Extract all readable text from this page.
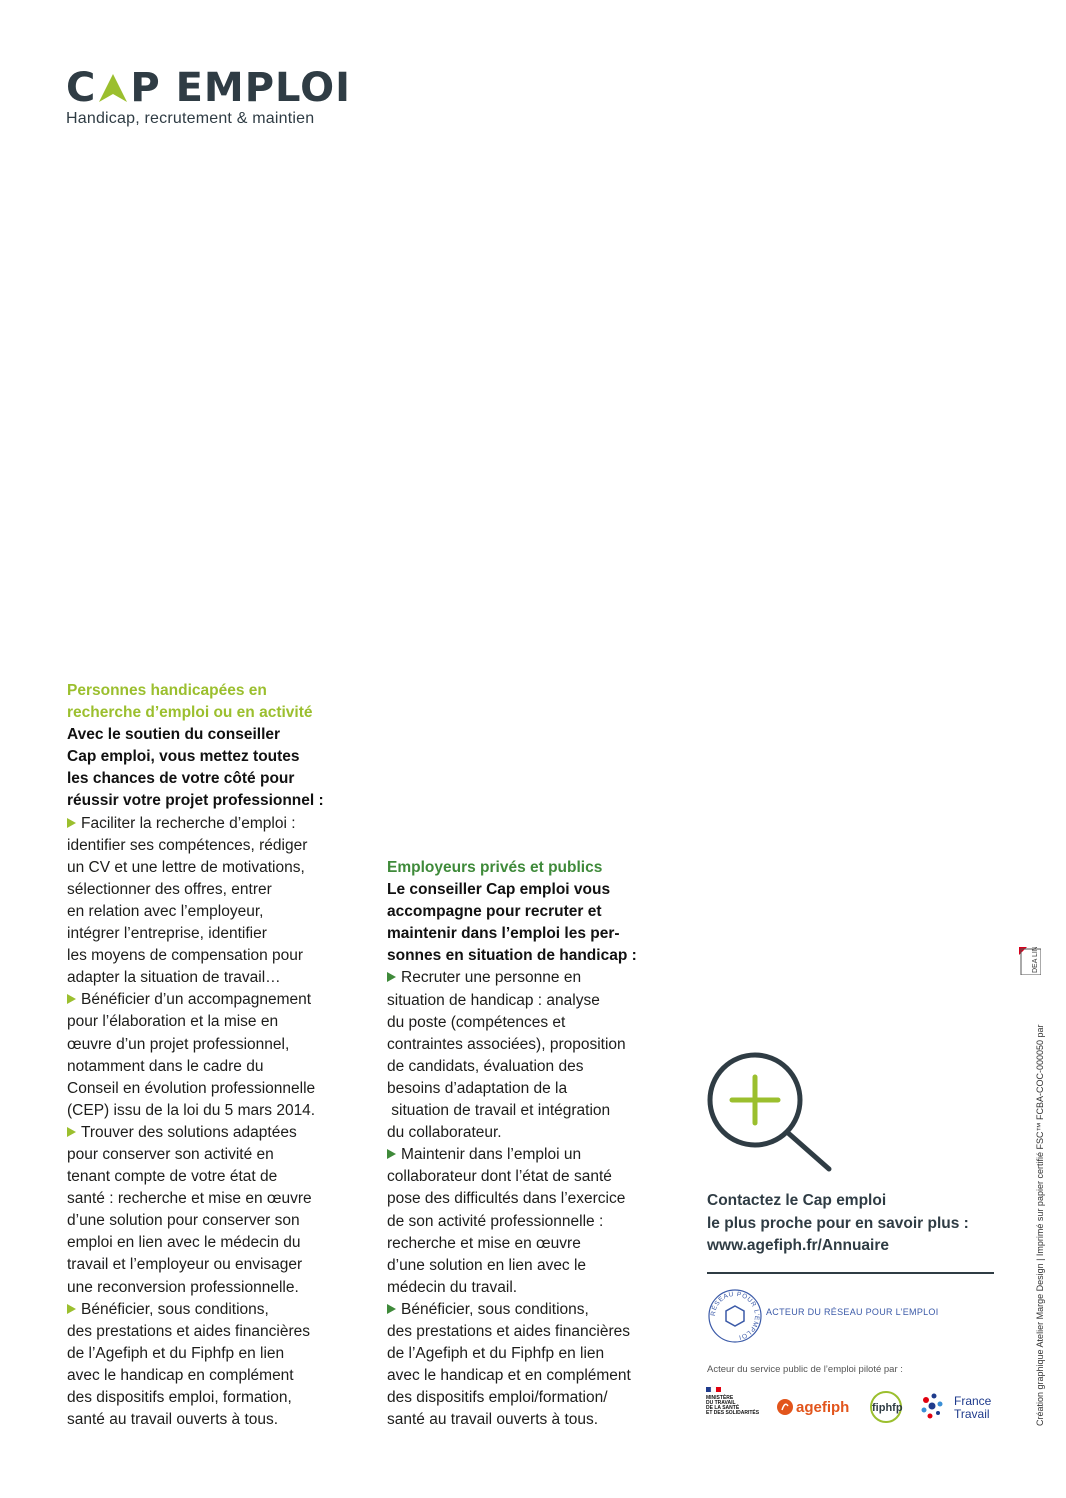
C P EMPLOI
Handicap, recrutement & maintien

Personnes handicapées en

recherche d’emploi ou en activité

Avec le soutien du conseiller

Cap emploi, vous mettez toutes

les chances de votre côté pour

réussir votre projet professionnel :

Faciliter la recherche d’emploi :

identifier ses compétences, rédiger

un CV et une lettre de motivations,

sélectionner des offres, entrer

en relation avec l’employeur,

intégrer l’entreprise, identifier

les moyens de compensation pour

adapter la situation de travail…

Bénéficier d’un accompagnement

pour l’élaboration et la mise en

œuvre d’un projet professionnel,

notamment dans le cadre du

Conseil en évolution professionnelle

(CEP) issu de la loi du 5 mars 2014.

Trouver des solutions adaptées

pour conserver son activité en

tenant compte de votre état de

santé : recherche et mise en œuvre

d’une solution pour conserver son

emploi en lien avec le médecin du

travail et l’employeur ou envisager

une reconversion professionnelle.

Bénéficier, sous conditions,

des prestations et aides financières

de l’Agefiph et du Fiphfp en lien

avec le handicap en complément

des dispositifs emploi, formation,

santé au travail ouverts à tous.

Employeurs privés et publics

Le conseiller Cap emploi vous

accompagne pour recruter et

maintenir dans l’emploi les per-

sonnes en situation de handicap :

Recruter une personne en

situation de handicap : analyse

du poste (compétences et

contraintes associées), proposition

de candidats, évaluation des

besoins d’adaptation de la

situation de travail et intégration

du collaborateur.

Maintenir dans l’emploi un

collaborateur dont l’état de santé

pose des difficultés dans l’exercice

de son activité professionnelle :

recherche et mise en œuvre

d’une solution en lien avec le

médecin du travail.

Bénéficier, sous conditions,

des prestations et aides financières

de l’Agefiph et du Fiphfp en lien

avec le handicap et en complément

des dispositifs emploi/formation/

santé au travail ouverts à tous.

Contactez le Cap emploi

le plus proche pour en savoir plus :

www.agefiph.fr/Annuaire

RÉSEAU POUR L’EMPLOI
ACTEUR DU RÉSEAU POUR L’EMPLOI
Acteur du service public de l’emploi piloté par :
MINISTÈRE
DU TRAVAIL
DE LA SANTÉ
ET DES SOLIDARITÉS agefiph fiphfp	France
Travail
DEA LINK
Création graphique Atelier Marge Design | Imprimé sur papier certifié FSC™ FCBA-COC-000050 par
